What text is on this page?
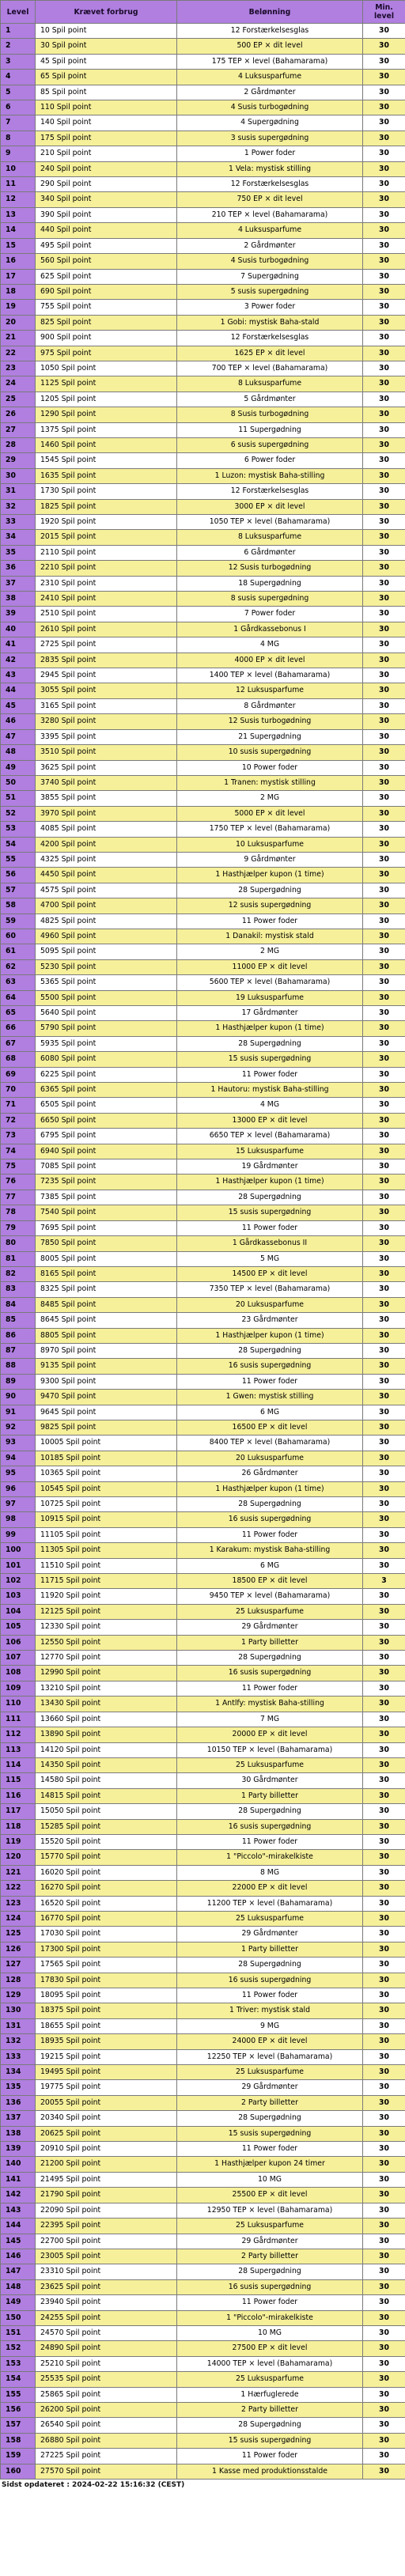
Level	Krævet forbrug	Belønning	Min. level
1	10 Spil point	12 Forstærkelsesglas	30
2	30 Spil point	500 EP × dit level	30
3	45 Spil point	175 TEP × level (Bahamarama)	30
4	65 Spil point	4 Luksusparfume	30
5	85 Spil point	2 Gårdmønter	30
6	110 Spil point	4 Susis turbogødning	30
7	140 Spil point	4 Supergødning	30
8	175 Spil point	3 susis supergødning	30
9	210 Spil point	1 Power foder	30
10	240 Spil point	1 Vela: mystisk stilling	30
11	290 Spil point	12 Forstærkelsesglas	30
12	340 Spil point	750 EP × dit level	30
13	390 Spil point	210 TEP × level (Bahamarama)	30
14	440 Spil point	4 Luksusparfume	30
15	495 Spil point	2 Gårdmønter	30
16	560 Spil point	4 Susis turbogødning	30
17	625 Spil point	7 Supergødning	30
18	690 Spil point	5 susis supergødning	30
19	755 Spil point	3 Power foder	30
20	825 Spil point	1 Gobi: mystisk Baha-stald	30
21	900 Spil point	12 Forstærkelsesglas	30
22	975 Spil point	1625 EP × dit level	30
23	1050 Spil point	700 TEP × level (Bahamarama)	30
24	1125 Spil point	8 Luksusparfume	30
25	1205 Spil point	5 Gårdmønter	30
26	1290 Spil point	8 Susis turbogødning	30
27	1375 Spil point	11 Supergødning	30
28	1460 Spil point	6 susis supergødning	30
29	1545 Spil point	6 Power foder	30
30	1635 Spil point	1 Luzon: mystisk Baha-stilling	30
31	1730 Spil point	12 Forstærkelsesglas	30
32	1825 Spil point	3000 EP × dit level	30
33	1920 Spil point	1050 TEP × level (Bahamarama)	30
34	2015 Spil point	8 Luksusparfume	30
35	2110 Spil point	6 Gårdmønter	30
36	2210 Spil point	12 Susis turbogødning	30
37	2310 Spil point	18 Supergødning	30
38	2410 Spil point	8 susis supergødning	30
39	2510 Spil point	7 Power foder	30
40	2610 Spil point	1 Gårdkassebonus I	30
41	2725 Spil point	4 MG	30
42	2835 Spil point	4000 EP × dit level	30
43	2945 Spil point	1400 TEP × level (Bahamarama)	30
44	3055 Spil point	12 Luksusparfume	30
45	3165 Spil point	8 Gårdmønter	30
46	3280 Spil point	12 Susis turbogødning	30
47	3395 Spil point	21 Supergødning	30
48	3510 Spil point	10 susis supergødning	30
49	3625 Spil point	10 Power foder	30
50	3740 Spil point	1 Tranen: mystisk stilling	30
51	3855 Spil point	2 MG	30
52	3970 Spil point	5000 EP × dit level	30
53	4085 Spil point	1750 TEP × level (Bahamarama)	30
54	4200 Spil point	10 Luksusparfume	30
55	4325 Spil point	9 Gårdmønter	30
56	4450 Spil point	1 Hasthjælper kupon (1 time)	30
57	4575 Spil point	28 Supergødning	30
58	4700 Spil point	12 susis supergødning	30
59	4825 Spil point	11 Power foder	30
60	4960 Spil point	1 Danakil: mystisk stald	30
61	5095 Spil point	2 MG	30
62	5230 Spil point	11000 EP × dit level	30
63	5365 Spil point	5600 TEP × level (Bahamarama)	30
64	5500 Spil point	19 Luksusparfume	30
65	5640 Spil point	17 Gårdmønter	30
66	5790 Spil point	1 Hasthjælper kupon (1 time)	30
67	5935 Spil point	28 Supergødning	30
68	6080 Spil point	15 susis supergødning	30
69	6225 Spil point	11 Power foder	30
70	6365 Spil point	1 Hautoru: mystisk Baha-stilling	30
71	6505 Spil point	4 MG	30
72	6650 Spil point	13000 EP × dit level	30
73	6795 Spil point	6650 TEP × level (Bahamarama)	30
74	6940 Spil point	15 Luksusparfume	30
75	7085 Spil point	19 Gårdmønter	30
76	7235 Spil point	1 Hasthjælper kupon (1 time)	30
77	7385 Spil point	28 Supergødning	30
78	7540 Spil point	15 susis supergødning	30
79	7695 Spil point	11 Power foder	30
80	7850 Spil point	1 Gårdkassebonus II	30
81	8005 Spil point	5 MG	30
82	8165 Spil point	14500 EP × dit level	30
83	8325 Spil point	7350 TEP × level (Bahamarama)	30
84	8485 Spil point	20 Luksusparfume	30
85	8645 Spil point	23 Gårdmønter	30
86	8805 Spil point	1 Hasthjælper kupon (1 time)	30
87	8970 Spil point	28 Supergødning	30
88	9135 Spil point	16 susis supergødning	30
89	9300 Spil point	11 Power foder	30
90	9470 Spil point	1 Gwen: mystisk stilling	30
91	9645 Spil point	6 MG	30
92	9825 Spil point	16500 EP × dit level	30
93	10005 Spil point	8400 TEP × level (Bahamarama)	30
94	10185 Spil point	20 Luksusparfume	30
95	10365 Spil point	26 Gårdmønter	30
96	10545 Spil point	1 Hasthjælper kupon (1 time)	30
97	10725 Spil point	28 Supergødning	30
98	10915 Spil point	16 susis supergødning	30
99	11105 Spil point	11 Power foder	30
100	11305 Spil point	1 Karakum: mystisk Baha-stilling	30
101	11510 Spil point	6 MG	30
102	11715 Spil point	18500 EP × dit level	3
103	11920 Spil point	9450 TEP × level (Bahamarama)	30
104	12125 Spil point	25 Luksusparfume	30
105	12330 Spil point	29 Gårdmønter	30
106	12550 Spil point	1 Party billetter	30
107	12770 Spil point	28 Supergødning	30
108	12990 Spil point	16 susis supergødning	30
109	13210 Spil point	11 Power foder	30
110	13430 Spil point	1 Antlfy: mystisk Baha-stilling	30
111	13660 Spil point	7 MG	30
112	13890 Spil point	20000 EP × dit level	30
113	14120 Spil point	10150 TEP × level (Bahamarama)	30
114	14350 Spil point	25 Luksusparfume	30
115	14580 Spil point	30 Gårdmønter	30
116	14815 Spil point	1 Party billetter	30
117	15050 Spil point	28 Supergødning	30
118	15285 Spil point	16 susis supergødning	30
119	15520 Spil point	11 Power foder	30
120	15770 Spil point	1 "Piccolo"-mirakelkiste	30
121	16020 Spil point	8 MG	30
122	16270 Spil point	22000 EP × dit level	30
123	16520 Spil point	11200 TEP × level (Bahamarama)	30
124	16770 Spil point	25 Luksusparfume	30
125	17030 Spil point	29 Gårdmønter	30
126	17300 Spil point	1 Party billetter	30
127	17565 Spil point	28 Supergødning	30
128	17830 Spil point	16 susis supergødning	30
129	18095 Spil point	11 Power foder	30
130	18375 Spil point	1 Triver: mystisk stald	30
131	18655 Spil point	9 MG	30
132	18935 Spil point	24000 EP × dit level	30
133	19215 Spil point	12250 TEP × level (Bahamarama)	30
134	19495 Spil point	25 Luksusparfume	30
135	19775 Spil point	29 Gårdmønter	30
136	20055 Spil point	2 Party billetter	30
137	20340 Spil point	28 Supergødning	30
138	20625 Spil point	15 susis supergødning	30
139	20910 Spil point	11 Power foder	30
140	21200 Spil point	1 Hasthjælper kupon 24 timer	30
141	21495 Spil point	10 MG	30
142	21790 Spil point	25500 EP × dit level	30
143	22090 Spil point	12950 TEP × level (Bahamarama)	30
144	22395 Spil point	25 Luksusparfume	30
145	22700 Spil point	29 Gårdmønter	30
146	23005 Spil point	2 Party billetter	30
147	23310 Spil point	28 Supergødning	30
148	23625 Spil point	16 susis supergødning	30
149	23940 Spil point	11 Power foder	30
150	24255 Spil point	1 "Piccolo"-mirakelkiste	30
151	24570 Spil point	10 MG	30
152	24890 Spil point	27500 EP × dit level	30
153	25210 Spil point	14000 TEP × level (Bahamarama)	30
154	25535 Spil point	25 Luksusparfume	30
155	25865 Spil point	1 Hærfuglerede	30
156	26200 Spil point	2 Party billetter	30
157	26540 Spil point	28 Supergødning	30
158	26880 Spil point	15 susis supergødning	30
159	27225 Spil point	11 Power foder	30
160	27570 Spil point	1 Kasse med produktionsstalde	30
Sidst opdateret : 2024-02-22 15:16:32 (CEST)
